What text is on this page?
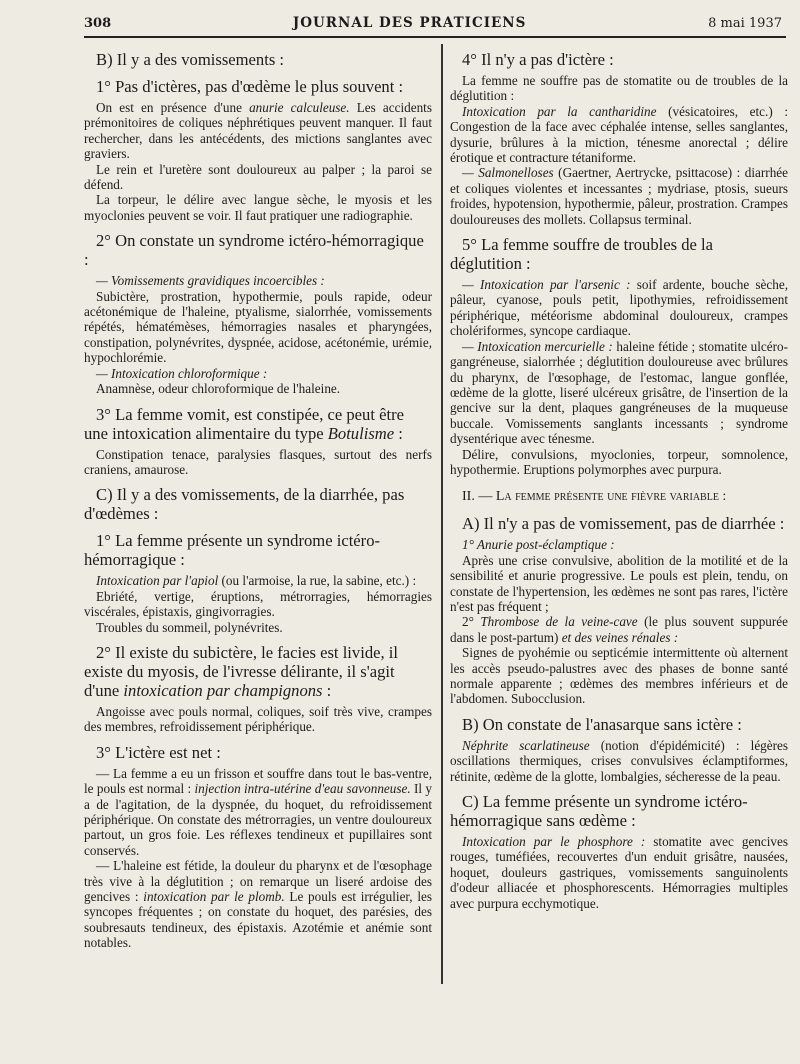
308	JOURNAL DES PRATICIENS	8 mai 1937
B) Il y a des vomissements :
1° Pas d'ictères, pas d'œdème le plus souvent :

On est en présence d'une anurie calculeuse. Les accidents prémonitoires de coliques néphrétiques peuvent manquer. Il faut rechercher, dans les antécédents, des mictions sanglantes avec graviers.

Le rein et l'uretère sont douloureux au palper ; la paroi se défend.

La torpeur, le délire avec langue sèche, le myosis et les myoclonies peuvent se voir. Il faut pratiquer une radiographie.

2° On constate un syndrome ictéro-hémorragique :

— Vomissements gravidiques incoercibles :

Subictère, prostration, hypothermie, pouls rapide, odeur acétonémique de l'haleine, ptyalisme, sialorrhée, vomissements répétés, hématémèses, hémorragies nasales et pharyngées, constipation, polynévrites, dyspnée, acidose, acétonémie, urémie, hypochlorémie.

— Intoxication chloroformique :

Anamnèse, odeur chloroformique de l'haleine.

3° La femme vomit, est constipée, ce peut être une intoxication alimentaire du type Botulisme :

Constipation tenace, paralysies flasques, surtout des nerfs craniens, amaurose.

C) Il y a des vomissements, de la diarrhée, pas d'œdèmes :
1° La femme présente un syndrome ictéro-hémorragique :

Intoxication par l'apiol (ou l'armoise, la rue, la sabine, etc.) :

Ebriété, vertige, éruptions, métrorragies, hémorragies viscérales, épistaxis, gingivorragies.

Troubles du sommeil, polynévrites.

2° Il existe du subictère, le facies est livide, il existe du myosis, de l'ivresse délirante, il s'agit d'une intoxication par champignons :

Angoisse avec pouls normal, coliques, soif très vive, crampes des membres, refroidissement périphérique.

3° L'ictère est net :

— La femme a eu un frisson et souffre dans tout le bas-ventre, le pouls est normal : injection intra-utérine d'eau savonneuse. Il y a de l'agitation, de la dyspnée, du hoquet, du refroidissement périphérique. On constate des métrorragies, un ventre douloureux partout, un gros foie. Les réflexes tendineux et pupillaires sont conservés.

— L'haleine est fétide, la douleur du pharynx et de l'œsophage très vive à la déglutition ; on remarque un liseré ardoise des gencives : intoxication par le plomb. Le pouls est irrégulier, les syncopes fréquentes ; on constate du hoquet, des parésies, des soubresauts tendineux, des épistaxis. Azotémie et anémie sont notables.

4° Il n'y a pas d'ictère :

La femme ne souffre pas de stomatite ou de troubles de la déglutition :

Intoxication par la cantharidine (vésicatoires, etc.) : Congestion de la face avec céphalée intense, selles sanglantes, dysurie, brûlures à la miction, ténesme anorectal ; délire érotique et contracture tétaniforme.

— Salmonelloses (Gaertner, Aertrycke, psittacose) : diarrhée et coliques violentes et incessantes ; mydriase, ptosis, sueurs froides, hypotension, hypothermie, pâleur, prostration. Crampes douloureuses des mollets. Collapsus terminal.

5° La femme souffre de troubles de la déglutition :

— Intoxication par l'arsenic : soif ardente, bouche sèche, pâleur, cyanose, pouls petit, lipothymies, refroidissement périphérique, météorisme abdominal douloureux, crampes cholériformes, syncope cardiaque.

— Intoxication mercurielle : haleine fétide ; stomatite ulcéro-gangréneuse, sialorrhée ; déglutition douloureuse avec brûlures du pharynx, de l'œsophage, de l'estomac, langue gonflée, œdème de la glotte, liseré ulcéreux grisâtre, de l'insertion de la gencive sur la dent, plaques gangréneuses de la muqueuse buccale. Vomissements sanglants incessants ; syndrome dysentérique avec ténesme.

Délire, convulsions, myoclonies, torpeur, somnolence, hypothermie. Eruptions polymorphes avec purpura.

II. — La femme présente une fièvre variable :
A) Il n'y a pas de vomissement, pas de diarrhée :

1° Anurie post-éclamptique :

Après une crise convulsive, abolition de la motilité et de la sensibilité et anurie progressive. Le pouls est plein, tendu, on constate de l'hypertension, les œdèmes ne sont pas rares, l'ictère n'est pas fréquent ;

2° Thrombose de la veine-cave (le plus souvent suppurée dans le post-partum) et des veines rénales :

Signes de pyohémie ou septicémie intermittente où alternent les accès pseudo-palustres avec des phases de bonne santé normale apparente ; œdèmes des membres inférieurs et de l'abdomen. Subocclusion.

B) On constate de l'anasarque sans ictère :

Néphrite scarlatineuse (notion d'épidémicité) : légères oscillations thermiques, crises convulsives éclamptiformes, rétinite, œdème de la glotte, lombalgies, sécheresse de la peau.

C) La femme présente un syndrome ictéro-hémorragique sans œdème :

Intoxication par le phosphore : stomatite avec gencives rouges, tuméfiées, recouvertes d'un enduit grisâtre, nausées, hoquet, douleurs gastriques, vomissements sanguinolents d'odeur alliacée et phosphorescents. Hémorragies multiples avec purpura ecchymotique.
